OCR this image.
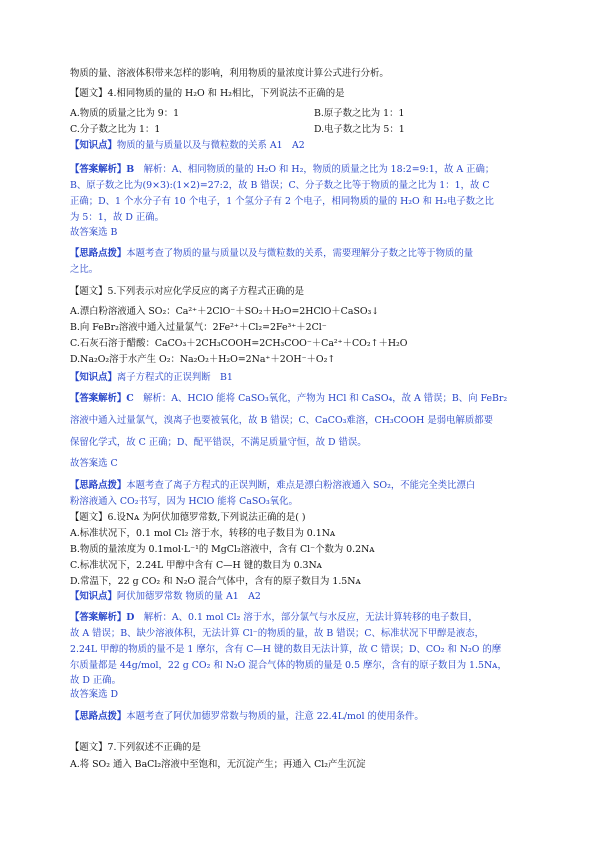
物质的量、溶液体积带来怎样的影响，利用物质的量浓度计算公式进行分析。
【题文】4.相同物质的量的 H₂O 和 H₂相比，下列说法不正确的是
A.物质的质量之比为 9：1	B.原子数之比为 1：1
C.分子数之比为 1：1	D.电子数之比为 5：1
【知识点】物质的量与质量以及与微粒数的关系 A1　A2
【答案解析】B　解析：A、相同物质的量的 H₂O 和 H₂，物质的质量之比为 18:2=9:1，故 A 正确；
B、原子数之比为(9×3):(1×2)=27:2，故 B 错误；C、分子数之比等于物质的量之比为 1：1，故 C
正确；D、1 个水分子有 10 个电子，1 个氢分子有 2 个电子，相同物质的量的 H₂O 和 H₂电子数之比
为 5：1，故 D 正确。
故答案选 B
【思路点拨】本题考查了物质的量与质量以及与微粒数的关系，需要理解分子数之比等于物质的量
之比。
【题文】5.下列表示对应化学反应的离子方程式正确的是
A.漂白粉溶液通入 SO₂：Ca²⁺＋2ClO⁻＋SO₂＋H₂O=2HClO＋CaSO₃↓
B.向 FeBr₂溶液中通入过量氯气：2Fe²⁺＋Cl₂=2Fe³⁺＋2Cl⁻
C.石灰石溶于醋酸：CaCO₃＋2CH₃COOH=2CH₃COO⁻＋Ca²⁺＋CO₂↑＋H₂O
D.Na₂O₂溶于水产生 O₂：Na₂O₂＋H₂O=2Na⁺＋2OH⁻＋O₂↑
【知识点】离子方程式的正误判断　B1
【答案解析】C　解析：A、HClO 能将 CaSO₃氧化，产物为 HCl 和 CaSO₄，故 A 错误；B、向 FeBr₂
溶液中通入过量氯气，溴离子也要被氧化，故 B 错误；C、CaCO₃难溶，CH₃COOH 是弱电解质都要
保留化学式，故 C 正确；D、配平错误，不满足质量守恒，故 D 错误。
故答案选 C
【思路点拨】本题考查了离子方程式的正误判断，难点是漂白粉溶液通入 SO₂，不能完全类比漂白
粉溶液通入 CO₂书写，因为 HClO 能将 CaSO₃氧化。
【题文】6.设Nᴀ 为阿伏加德罗常数,下列说法正确的是( )
A.标准状况下，0.1 mol Cl₂ 溶于水，转移的电子数目为 0.1Nᴀ
B.物质的量浓度为 0.1mol·L⁻¹的 MgCl₂溶液中，含有 Cl⁻个数为 0.2Nᴀ
C.标准状况下，2.24L 甲醇中含有 C—H 键的数目为 0.3Nᴀ
D.常温下，22 g CO₂ 和 N₂O 混合气体中，含有的原子数目为 1.5Nᴀ
【知识点】阿伏加德罗常数 物质的量 A1　A2
【答案解析】D　解析：A、0.1 mol Cl₂ 溶于水，部分氯气与水反应，无法计算转移的电子数目，
故 A 错误；B、缺少溶液体积，无法计算 Cl⁻的物质的量，故 B 错误；C、标准状况下甲醇是液态，
2.24L 甲醇的物质的量不是 1 摩尔，含有 C—H 键的数目无法计算，故 C 错误；D、CO₂ 和 N₂O 的摩
尔质量都是 44g/mol，22 g CO₂ 和 N₂O 混合气体的物质的量是 0.5 摩尔，含有的原子数目为 1.5Nᴀ，
故 D 正确。
故答案选 D
【思路点拨】本题考查了阿伏加德罗常数与物质的量，注意 22.4L/mol 的使用条件。
【题文】7.下列叙述不正确的是
A.将 SO₂ 通入 BaCl₂溶液中至饱和，无沉淀产生；再通入 Cl₂产生沉淀
